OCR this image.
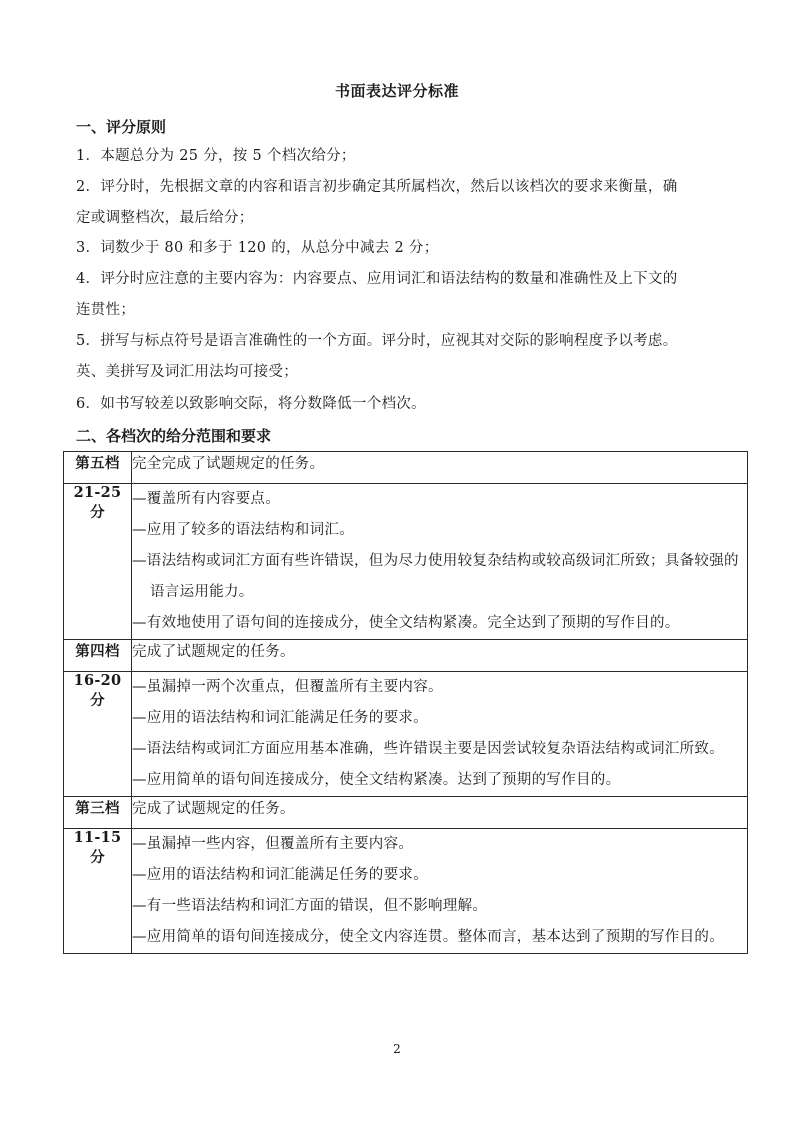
书面表达评分标准
一、评分原则
1．本题总分为 25 分，按 5 个档次给分；
2．评分时，先根据文章的内容和语言初步确定其所属档次，然后以该档次的要求来衡量，确
定或调整档次，最后给分；
3．词数少于 80 和多于 120 的，从总分中减去 2 分；
4．评分时应注意的主要内容为：内容要点、应用词汇和语法结构的数量和准确性及上下文的
连贯性；
5．拼写与标点符号是语言准确性的一个方面。评分时，应视其对交际的影响程度予以考虑。
英、美拼写及词汇用法均可接受；
6．如书写较差以致影响交际，将分数降低一个档次。
二、各档次的给分范围和要求
第五档	完全完成了试题规定的任务。
21-25 分	—覆盖所有内容要点。
—应用了较多的语法结构和词汇。
—语法结构或词汇方面有些许错误，但为尽力使用较复杂结构或较高级词汇所致；具备较强的语言运用能力。
—有效地使用了语句间的连接成分，使全文结构紧凑。完全达到了预期的写作目的。

第四档	完成了试题规定的任务。
16-20 分	—虽漏掉一两个次重点，但覆盖所有主要内容。
—应用的语法结构和词汇能满足任务的要求。
—语法结构或词汇方面应用基本准确，些许错误主要是因尝试较复杂语法结构或词汇所致。
—应用简单的语句间连接成分，使全文结构紧凑。达到了预期的写作目的。

第三档	完成了试题规定的任务。
11-15 分	—虽漏掉一些内容，但覆盖所有主要内容。
—应用的语法结构和词汇能满足任务的要求。
—有一些语法结构和词汇方面的错误，但不影响理解。
—应用简单的语句间连接成分，使全文内容连贯。整体而言，基本达到了预期的写作目的。
2
